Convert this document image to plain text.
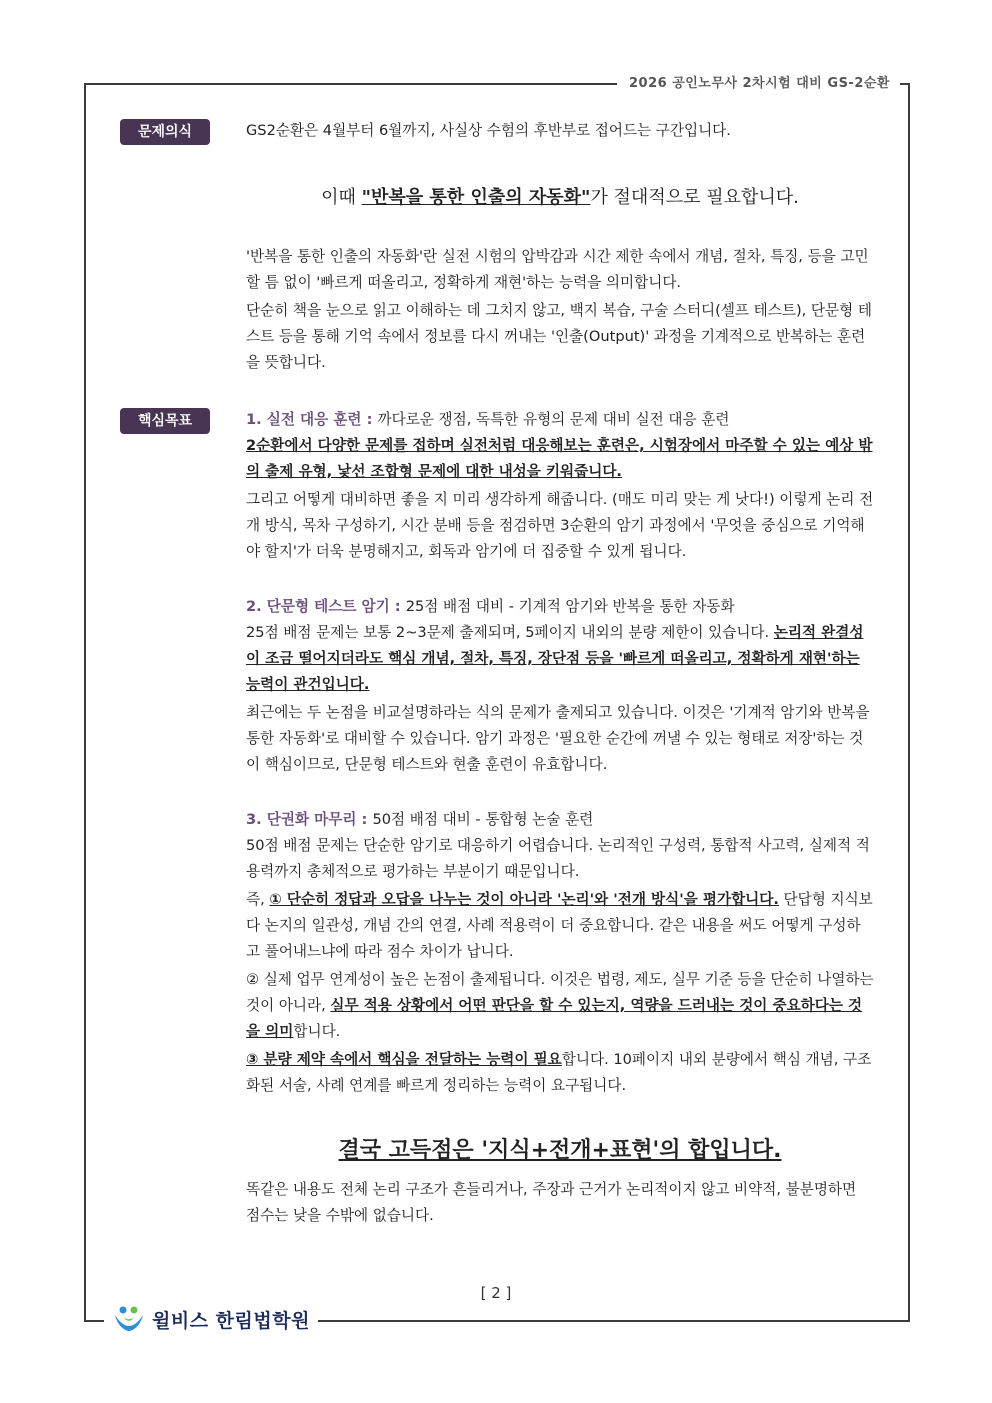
2026 공인노무사 2차시험 대비 GS-2순환
문제의식	GS2순환은 4월부터 6월까지, 사실상 수험의 후반부로 접어드는 구간입니다.
이때 "반복을 통한 인출의 자동화"가 절대적으로 필요합니다.

'반복을 통한 인출의 자동화'란 실전 시험의 압박감과 시간 제한 속에서 개념, 절차, 특징, 등을 고민할 틈 없이 '빠르게 떠올리고, 정확하게 재현'하는 능력을 의미합니다.

단순히 책을 눈으로 읽고 이해하는 데 그치지 않고, 백지 복습, 구술 스터디(셀프 테스트), 단문형 테스트 등을 통해 기억 속에서 정보를 다시 꺼내는 '인출(Output)' 과정을 기계적으로 반복하는 훈련을 뜻합니다.

핵심목표	1. 실전 대응 훈련 : 까다로운 쟁점, 독특한 유형의 문제 대비 실전 대응 훈련

2순환에서 다양한 문제를 접하며 실전처럼 대응해보는 훈련은, 시험장에서 마주할 수 있는 예상 밖의 출제 유형, 낯선 조합형 문제에 대한 내성을 키워줍니다.

그리고 어떻게 대비하면 좋을 지 미리 생각하게 해줍니다. (매도 미리 맞는 게 낫다!) 이렇게 논리 전개 방식, 목차 구성하기, 시간 분배 등을 점검하면 3순환의 암기 과정에서 '무엇을 중심으로 기억해야 할지'가 더욱 분명해지고, 회독과 암기에 더 집중할 수 있게 됩니다.

2. 단문형 테스트 암기 : 25점 배점 대비 - 기계적 암기와 반복을 통한 자동화

25점 배점 문제는 보통 2~3문제 출제되며, 5페이지 내외의 분량 제한이 있습니다. 논리적 완결성이 조금 떨어지더라도 핵심 개념, 절차, 특징, 장단점 등을 '빠르게 떠올리고, 정확하게 재현'하는 능력이 관건입니다.

최근에는 두 논점을 비교설명하라는 식의 문제가 출제되고 있습니다. 이것은 '기계적 암기와 반복을 통한 자동화'로 대비할 수 있습니다. 암기 과정은 '필요한 순간에 꺼낼 수 있는 형태로 저장'하는 것이 핵심이므로, 단문형 테스트와 현출 훈련이 유효합니다.

3. 단권화 마무리 : 50점 배점 대비 - 통합형 논술 훈련

50점 배점 문제는 단순한 암기로 대응하기 어렵습니다. 논리적인 구성력, 통합적 사고력, 실제적 적용력까지 총체적으로 평가하는 부분이기 때문입니다.

즉, ① 단순히 정답과 오답을 나누는 것이 아니라 '논리'와 '전개 방식'을 평가합니다. 단답형 지식보다 논지의 일관성, 개념 간의 연결, 사례 적용력이 더 중요합니다. 같은 내용을 써도 어떻게 구성하고 풀어내느냐에 따라 점수 차이가 납니다.

② 실제 업무 연계성이 높은 논점이 출제됩니다. 이것은 법령, 제도, 실무 기준 등을 단순히 나열하는 것이 아니라, 실무 적용 상황에서 어떤 판단을 할 수 있는지, 역량을 드러내는 것이 중요하다는 것을 의미합니다.

③ 분량 제약 속에서 핵심을 전달하는 능력이 필요합니다. 10페이지 내외 분량에서 핵심 개념, 구조화된 서술, 사례 연계를 빠르게 정리하는 능력이 요구됩니다.

결국 고득점은 '지식+전개+표현'의 합입니다.
똑같은 내용도 전체 논리 구조가 흔들리거나, 주장과 근거가 논리적이지 않고 비약적, 불분명하면 점수는 낮을 수밖에 없습니다.
[ 2 ]
윌비스 한림법학원
